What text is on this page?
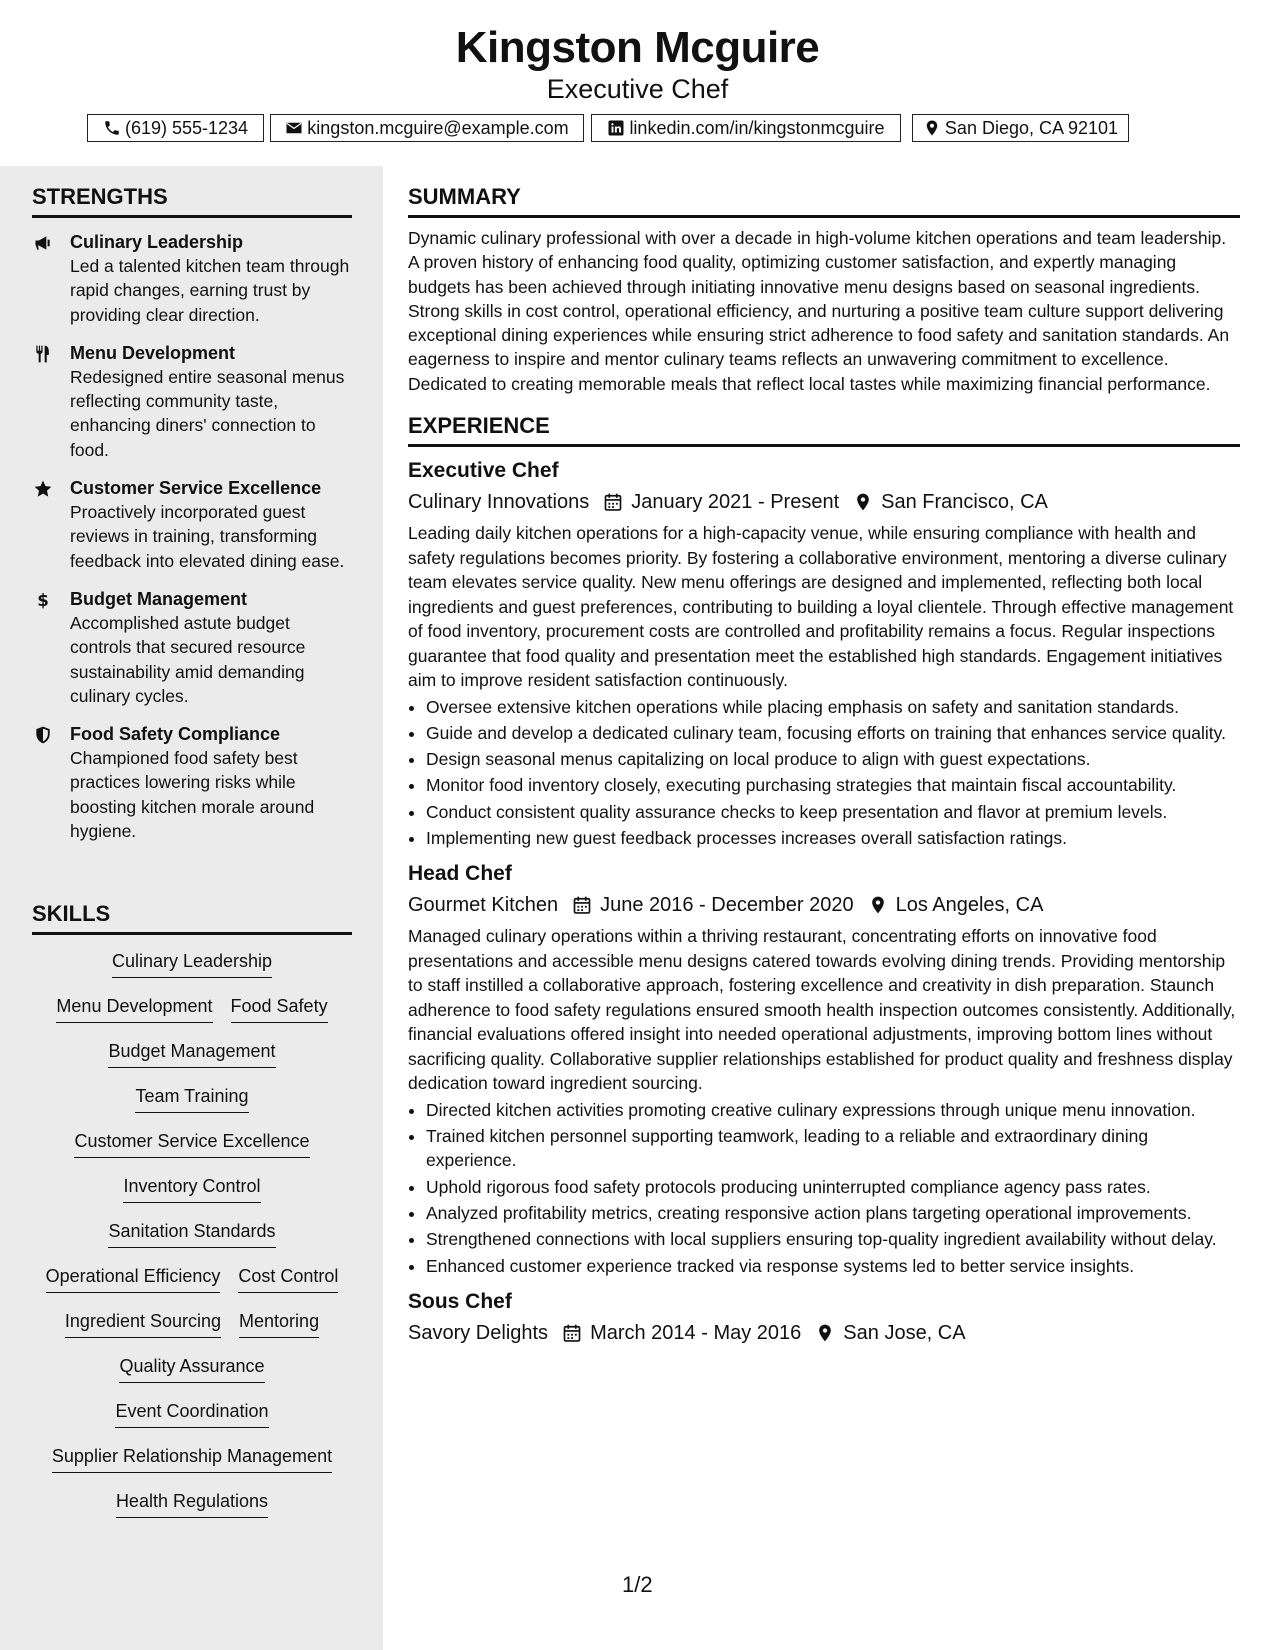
Kingston Mcguire
Executive Chef
(619) 555-1234	kingston.mcguire@example.com	linkedin.com/in/kingstonmcguire	San Diego, CA 92101
STRENGTHS
Culinary Leadership
Led a talented kitchen team through rapid changes, earning trust by providing clear direction.
Menu Development
Redesigned entire seasonal menus reflecting community taste, enhancing diners' connection to food.
Customer Service Excellence
Proactively incorporated guest reviews in training, transforming feedback into elevated dining ease.
$ Budget Management
Accomplished astute budget controls that secured resource sustainability amid demanding culinary cycles.
Food Safety Compliance
Championed food safety best practices lowering risks while boosting kitchen morale around hygiene.
SKILLS
Culinary Leadership
Menu Development Food Safety
Budget Management
Team Training
Customer Service Excellence
Inventory Control
Sanitation Standards
Operational Efficiency Cost Control
Ingredient Sourcing Mentoring
Quality Assurance
Event Coordination
Supplier Relationship Management
Health Regulations
SUMMARY
Dynamic culinary professional with over a decade in high-volume kitchen operations and team leadership. A proven history of enhancing food quality, optimizing customer satisfaction, and expertly managing budgets has been achieved through initiating innovative menu designs based on seasonal ingredients. Strong skills in cost control, operational efficiency, and nurturing a positive team culture support delivering exceptional dining experiences while ensuring strict adherence to food safety and sanitation standards. An eagerness to inspire and mentor culinary teams reflects an unwavering commitment to excellence. Dedicated to creating memorable meals that reflect local tastes while maximizing financial performance.
EXPERIENCE
Executive Chef
Culinary Innovations January 2021 - Present San Francisco, CA
Leading daily kitchen operations for a high-capacity venue, while ensuring compliance with health and safety regulations becomes priority. By fostering a collaborative environment, mentoring a diverse culinary team elevates service quality. New menu offerings are designed and implemented, reflecting both local ingredients and guest preferences, contributing to building a loyal clientele. Through effective management of food inventory, procurement costs are controlled and profitability remains a focus. Regular inspections guarantee that food quality and presentation meet the established high standards. Engagement initiatives aim to improve resident satisfaction continuously.
• Oversee extensive kitchen operations while placing emphasis on safety and sanitation standards.
• Guide and develop a dedicated culinary team, focusing efforts on training that enhances service quality.
• Design seasonal menus capitalizing on local produce to align with guest expectations.
• Monitor food inventory closely, executing purchasing strategies that maintain fiscal accountability.
• Conduct consistent quality assurance checks to keep presentation and flavor at premium levels.
• Implementing new guest feedback processes increases overall satisfaction ratings.
Head Chef
Gourmet Kitchen June 2016 - December 2020 Los Angeles, CA
Managed culinary operations within a thriving restaurant, concentrating efforts on innovative food presentations and accessible menu designs catered towards evolving dining trends. Providing mentorship to staff instilled a collaborative approach, fostering excellence and creativity in dish preparation. Staunch adherence to food safety regulations ensured smooth health inspection outcomes consistently. Additionally, financial evaluations offered insight into needed operational adjustments, improving bottom lines without sacrificing quality. Collaborative supplier relationships established for product quality and freshness display dedication toward ingredient sourcing.
• Directed kitchen activities promoting creative culinary expressions through unique menu innovation.
• Trained kitchen personnel supporting teamwork, leading to a reliable and extraordinary dining experience.
• Uphold rigorous food safety protocols producing uninterrupted compliance agency pass rates.
• Analyzed profitability metrics, creating responsive action plans targeting operational improvements.
• Strengthened connections with local suppliers ensuring top-quality ingredient availability without delay.
• Enhanced customer experience tracked via response systems led to better service insights.
Sous Chef
Savory Delights March 2014 - May 2016 San Jose, CA
1/2
